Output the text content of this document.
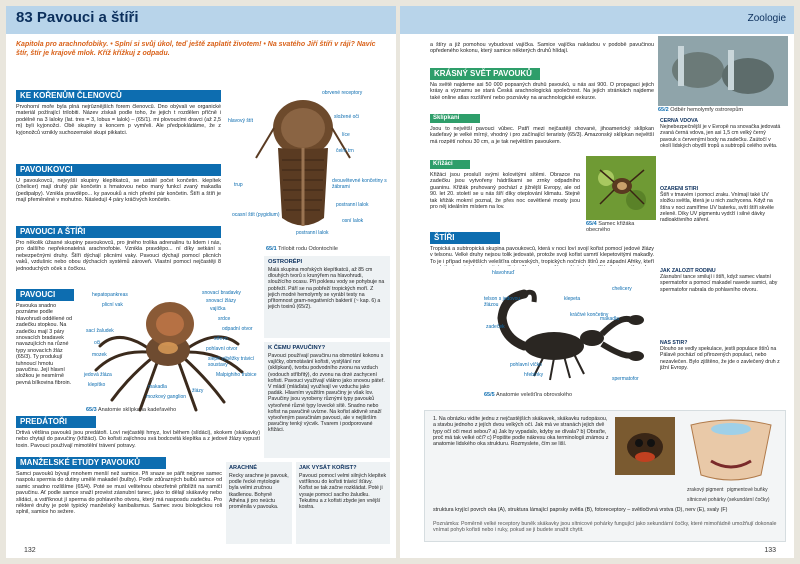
83 Pavouci a štíři
Kapitola pro arachnofobiky. • Splní si svůj úkol, teď ještě zaplatit životem! • Na svatého Jiří štíři v ráji? Navíc štír, štír je krajově mlok. Kříž křížkuj z odpadu.
KE KOŘENŮM ČLENOVCŮ
Prvohorní moře byla plná nejrůznějších forem členovců. Dno obývali ve organické materiál požírající trilobiti. Název získali podle toho, že jejich t rozdělen příčně i podélně na 3 laloky (lat. tres = 3, lobus = lalok) – (65/1). mi plovoucími dravci (až 2,5 m) byli kyjonožci. Obě skupiny s koncem p vymřeli. Ale předpokládáme, že z kyjonožců vznikly suchozemské skupi pikkatci.
PAVOUKOVCI
U pavoukovců, nejvyšší skupiny klepítkatců, se ustálil počet končetin. klepítek (chelicer) mají druhý pár končetin s hmatovou nebo maný funkcí zvaný makadla (pedipalpy). Vznikla pravděpo... ky pavouků a nich přední pár končetin. Štíři a štíři je mají přeměněné v mohutno. Následují 4 páry kráčivých končetin.
PAVOUCI A ŠTÍŘI
Pro několik úžasné skupiny pavoukovců, pro jiného trolika adrenalinu tu lidem i nás, pro dalšího nepřekonatelná arachnofobie. Vznikla pravděpo... ní díky setkání s nebezpečnými druhy. Štíři dýchají plicními vaky. Pavouci dýchají pomocí plicních vaků, vzdušnic nebo obou dýchacích systémů zároveň. Vlastní pomocí nejčastěji 8 jednoduchých oček s čočkou.
hlavový štít
obrvené receptory
složené oči
líce
čelní trn
trup
ocasní štít (pygidium)
dvouvětevné končetiny s žábrami
postranní lalok
osní lalok
postranní lalok
65/1 Trilobit rodu Odontochile
OSTRORÉPI
Malá skupina mořských klepítkatců, až 85 cm dlouhých tvorů s krunýřem na hlavohrudi, sloužícího ocasu. Při poklesu vody se pohybuje na pobřeží. Páří se na pobřeží tropických moří. Z jejich modré hemolymfy se vyrábí testy na přítomnost gram-negativních bakterií (~ kap. 6) a jejich toxinů (65/2).
K ČEMU PAVUČINY?
Pavouci používají pavučinu na obmotání kokonu s vajíčky, obmotávání kořisti, vystýlání nor (sklípkani), tvorbu podvodního zvonu na vzduch (vodouch stříbřitý), do zvonu na drzé zachycení kořisti. Pavouci využívají vlákno jako snovou páteř. V mládí (mláďata) využívají ve vzduchu jako padák. Hlavním využitím pavučiny je však lov. Pavučiny jsou vyrobeny různými typy pavouků vytvořené různé typy lovecké sítě. Snadno nebo kořist na pavučině uvízne. Na kořist aktivně snaží vytvořeným pavučinám pavouci, ale v nejširším pavučiny tenký výcvik. Tvarem i podporované křižáci.
PAVOUCI
Pavouka snadno poznáme podle hlavohrudi oddělené od zadečku stopkou. Na zadečku mají 3 páry snovacích bradavek navazujících na různé typy snovacích žláz (65/3). Ty produkují tuhnoucí hmotu pavučinu. Její hlavní složkou je nesmírně pevná bílkovina fibroin.
hepatopankreas
plicní vak
snovací bradavky
snovací žlázy
vajíčka
sací žaludek
srdce
mozek
oči
jedová žláza
klepítko	makadla
pohlavní otvor
střevo
slepé výběžky trávicí soustavy
Malpighiho trubice
žlázy
odpadní otvor
mozkový ganglion
65/3 Anatomie sklípkana kadeřavého
PREDÁTOŘI
Drtivá většina pavouků jsou predátoři. Loví nejčastěji hmyz, loví během (slídáci), skokem (skákavky) nebo chytají do pavučiny (křižáci). Do kořisti zajíchnou svá bodcovitá klepítka a z jedové žlázy vypustí toxin. Pavouci používají mimotělní trávení potravy.
MANŽELSKÉ ETUDY PAVOUKŮ
Samci pavouků bývají mnohem menší než samice. Při snaze se pářit nejprve samec naspolu spermia do dutiny umělé makadel (bulby). Podle zdůrazných bulbů samce od samic snadno rozlišíme (65/4). Poté se musí velitelnou obezřetně přiblížit na samičí pavučinu. Ať podle samce snaží provést zásnubní tanec, jako to dělají skákavky nebo slídáci, a vstříknout jí sperma do pohlavního otvoru, který má nasposdu zadečku. Pro některé druhy je poté typický manželský kanibalismus. Samec svou biologickou roli splnil, samice ho sežere.
ARACHNÉ
Řecky arachne je pavouk, podle řecké mytologie byla velmi zručnou tkadlenou. Bohyně Athéna ji pro neúctu proměnila v pavouka.
JAK VYSÁT KOŘIST?
Pavouci pomocí velmi silných klepítek vstříknou do kořisti trávicí šťávy. Kořist se tak začne rozkládat. Poté ji vysaje pomocí sacího žaludku. Tekutinu a z kořisti zbyde jen vnější kostra.
132
Zoologie
a štíry a již pomohou vybudovat vajíčka. Samice vajíčka nakladou v podobě pavučinou opředeného kokonu, který samice některých druhů hlídají.
KRÁSNÝ SVĚT PAVOUKŮ
Na světě najdeme asi 50 000 popsaných druhů pavouků, u nás asi 900. O propagaci jejich krásy a významu se stará Česká arachnologická společnost. Na jejích stránkách najdeme také online atlas rozšíření nebo poznávky na arachnologické exkurze.
Sklípkani
Jsou to největší pavouci vůbec. Patří mezi nejčastěji chované, jihoamerický sklípkan kadeřavý je velké mírný, vhodný i pro začínající teraristy (65/3). Amazonský sklípkan největší má rozpětí nohou 30 cm, a je tak největším pavoukem.
Křižáci
Křižáci jsou proslulí svými kolovitými sítěmi. Obrazce na zadečku jsou vytvořeny hádrškami se zrnky odpadního guaninu. Křižák pruhovaný pochází z jižnější Evropy, ale od 90. let 20. století se u nás šíří díky oteplování klimatu. Stejně tak křižák mokrní poznal, že přes noc osvětlené mosty jsou pro něj ideálním místem na lov.
65/4 Samec křižáka obecného
ŠTÍŘI
Tropická a subtropická skupina pavoukovců, která v noci loví svojí kořist pomocí jedové žlázy v telsonu. Velké druhy nejsou tolik jedovaté, protože svoji kořist usmrtí klepetovitými makadly. To je i případ největších velešťíra obrovských, tropických nočních štírů ze západní Afriky, kteří
hlavohruď
klepeta
kráčivé končetiny
chelicery
pohlavní víčko
hřebínky
zadeček
telson s jedovou žlázou
makadla
spermatofor
65/5 Anatomie velešťíra obrovského
65/2 Odběr hemolymfy ostrorepům
ČERNÁ VDOVA
Nejnebezpečnější je v Evropě na snovačka jedovatá zvaná černá vdova, jen asi 1,5 cm velký černý pavouk s červenými body na zadečku. Zaútočí v okolí lidských obydlí tropů a subtropů celého světa.
OZÁŘENÍ ŠTÍŘI
Štíři v tmavém i pomocí zraku. Vnímají také UV složku světla, která je u nich zachycena. Když na štíra v noci zamíříme UV baterku, svítí štíři skvěle zeleně. Díky UV pigmentu vydrží i silné dávky radioaktivního záření.
JAK ZALOŽIT RODINU
Zásnubní tance smilují i štíři, když samec vlastní spermatofor a pomocí makadel navede samici, aby spermatofor nabrala do pohlavního otvoru.
NÁŠ ŠTÍR?
Dlouho se vedly spekulace, jestli populace štírů na Pálavě pochází od přirozených populací, nebo nezavlečen. Bylo zjištěno, že jde o zavlečený druh z jižní Evropy.
1. Na obrázku vidíte jednu z nejčastějších skákavek, skákavku rudopásou, a stavbu jednoho z jejích dvou velkých očí. Jak má ve stranách jejich dvě typy očí oči mezi sebou? a) Jak by vypadalo, kdyby se dívala? b) Obraťte, proč má tak velké oči? c) Popište podle nákresu oka terminologii známou z anatomie lidského oka strukturu. Rozmyslete, čím se liší.
zrakový pigment pigmentové buňky
sítnicové pohárky (sekundární čočky)
struktura kryjící povrch oka (A), struktura lámající paprsky světla (B), fotoreceptory – světločivná vrstva (D), nerv (E), svaly (F)
Poznámka: Poměrně velké receptory buněk skákavky jsou sítnicové pohárky fungující jako sekundární čočky, které mimořádně umožňují dokonale vnímat pohyb kořisti nebo i ruky, pokud se ji budete snažit chytit.
133
